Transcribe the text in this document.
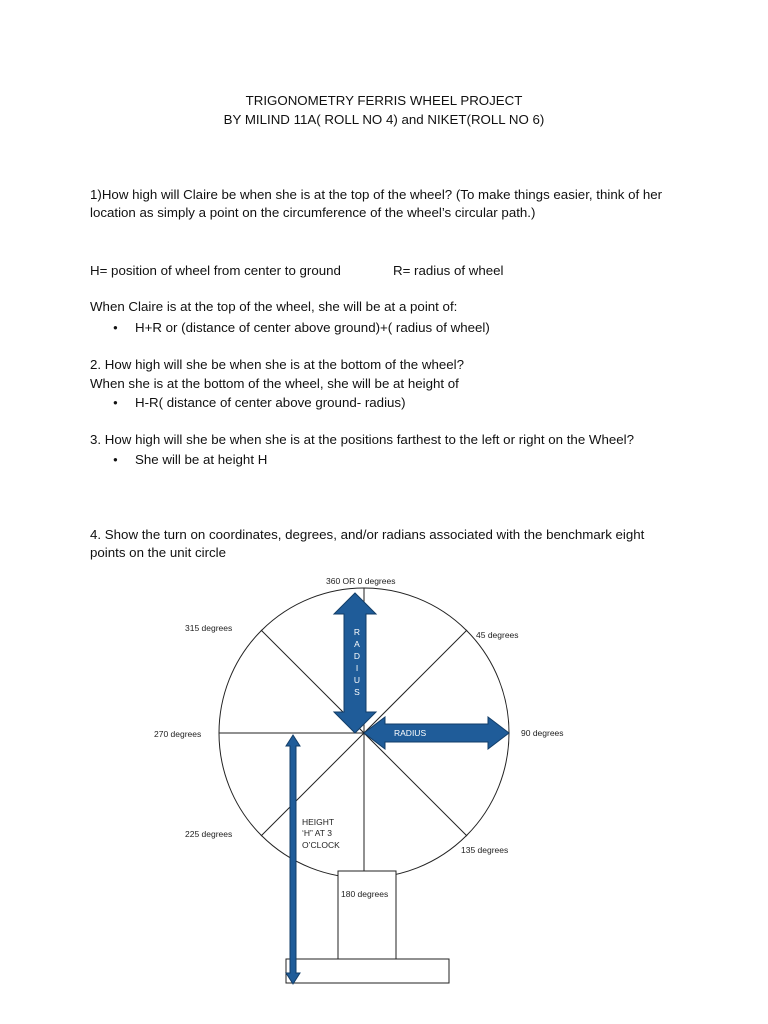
TRIGONOMETRY FERRIS WHEEL PROJECT
BY MILIND 11A( ROLL NO 4) and NIKET(ROLL NO 6)
1)How high will Claire be when she is at the top of the wheel? (To make things easier, think of her location as simply a point on the circumference of the wheel’s circular path.)
H= position of wheel from center to ground	R= radius of wheel
When Claire is at the top of the wheel, she will be at a point of:
● H+R or (distance of center above ground)+( radius of wheel)
2. How high will she be when she is at the bottom of the wheel?
When she is at the bottom of the wheel, she will be at height of
● H-R( distance of center above ground- radius)
3. How high will she be when she is at the positions farthest to the left or right on the Wheel?
● She will be at height H
4. Show the turn on coordinates, degrees, and/or radians associated with the benchmark eight points on the unit circle
RADIUS
RADIUS
360 OR 0 degrees
315 degrees
45 degrees
270 degrees	90 degrees
225 degrees
135 degrees
180 degrees
HEIGHT
‘H” AT 3
O’CLOCK
